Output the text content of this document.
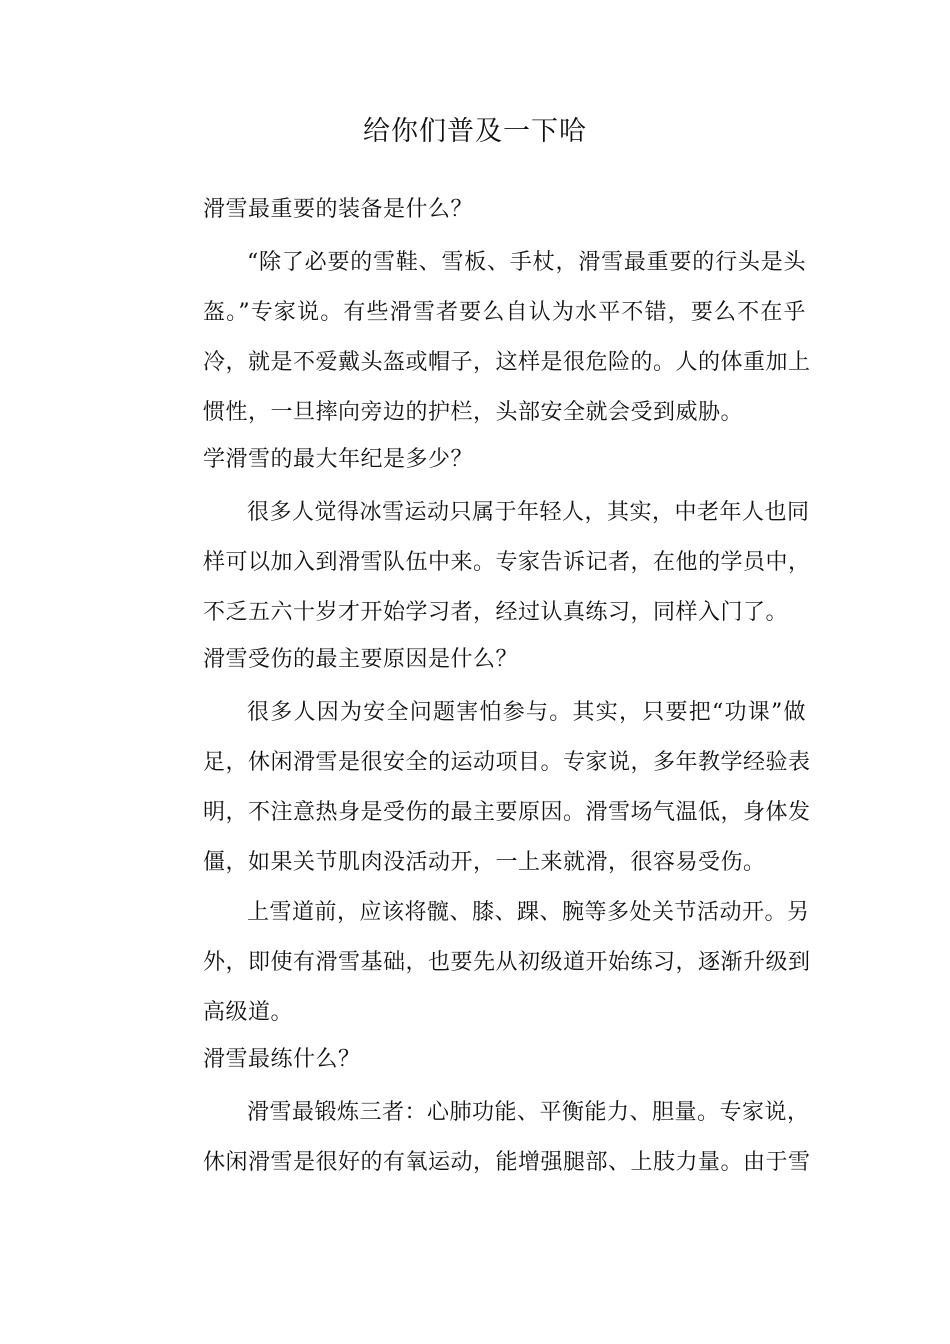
给你们普及一下哈
滑雪最重要的装备是什么？
“除了必要的雪鞋、雪板、手杖，滑雪最重要的行头是头
盔。”专家说。有些滑雪者要么自认为水平不错，要么不在乎
冷，就是不爱戴头盔或帽子，这样是很危险的。人的体重加上
惯性，一旦摔向旁边的护栏，头部安全就会受到威胁。
学滑雪的最大年纪是多少？
很多人觉得冰雪运动只属于年轻人，其实，中老年人也同
样可以加入到滑雪队伍中来。专家告诉记者，在他的学员中，
不乏五六十岁才开始学习者，经过认真练习，同样入门了。
滑雪受伤的最主要原因是什么？
很多人因为安全问题害怕参与。其实，只要把“功课”做
足，休闲滑雪是很安全的运动项目。专家说，多年教学经验表
明，不注意热身是受伤的最主要原因。滑雪场气温低，身体发
僵，如果关节肌肉没活动开，一上来就滑，很容易受伤。
上雪道前，应该将髋、膝、踝、腕等多处关节活动开。另
外，即使有滑雪基础，也要先从初级道开始练习，逐渐升级到
高级道。
滑雪最练什么？
滑雪最锻炼三者：心肺功能、平衡能力、胆量。专家说，
休闲滑雪是很好的有氧运动，能增强腿部、上肢力量。由于雪
